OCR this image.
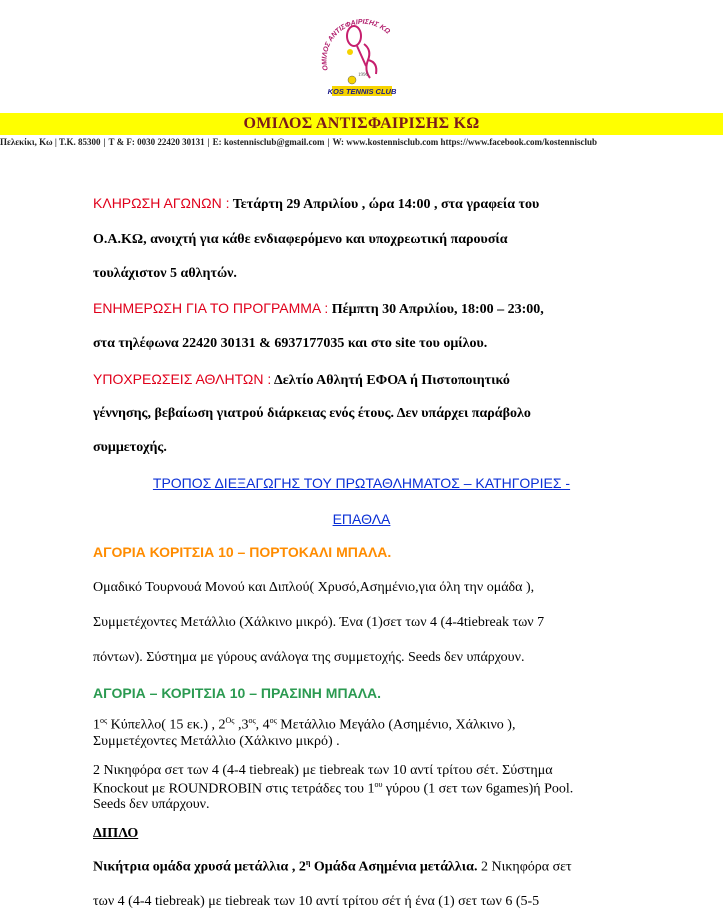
ΟΜΙΛΟΣ ΑΝΤΙΣΦΑΙΡΙΣΗΣ ΚΩ
1996
KOS TENNIS CLUB
ΟΜΙΛΟΣ ΑΝΤΙΣΦΑΙΡΙΣΗΣ ΚΩ
Πελεκίκι, Κω | Τ.Κ. 85300 | T & F: 0030 22420 30131 | E: kostennisclub@gmail.com | W: www.kostennisclub.com https://www.facebook.com/kostennisclub
ΚΛΗΡΩΣΗ ΑΓΩΝΩΝ : Τετάρτη 29 Απριλίου , ώρα 14:00 , στα γραφεία του
Ο.Α.ΚΩ, ανοιχτή για κάθε ενδιαφερόμενο και υποχρεωτική παρουσία
τουλάχιστον 5 αθλητών.
ΕΝΗΜΕΡΩΣΗ ΓΙΑ ΤΟ ΠΡΟΓΡΑΜΜΑ : Πέμπτη 30 Απριλίου, 18:00 – 23:00,
στα τηλέφωνα 22420 30131 & 6937177035 και στο site του ομίλου.
ΥΠΟΧΡΕΩΣΕΙΣ ΑΘΛΗΤΩΝ : Δελτίο Αθλητή ΕΦΟΑ ή Πιστοποιητικό
γέννησης, βεβαίωση γιατρού διάρκειας ενός έτους. Δεν υπάρχει παράβολο
συμμετοχής.
ΤΡΟΠΟΣ ΔΙΕΞΑΓΩΓΗΣ ΤΟΥ ΠΡΩΤΑΘΛΗΜΑΤΟΣ – ΚΑΤΗΓΟΡΙΕΣ -
ΕΠΑΘΛΑ
ΑΓΟΡΙΑ ΚΟΡΙΤΣΙΑ 10 – ΠΟΡΤΟΚΑΛΙ ΜΠΑΛΑ.
Ομαδικό Τουρνουά Μονού και Διπλού( Χρυσό,Ασημένιο,για όλη την ομάδα ),
Συμμετέχοντες Μετάλλιο (Χάλκινο μικρό). Ένα (1)σετ των 4 (4-4tiebreak των 7
πόντων). Σύστημα με γύρους ανάλογα της συμμετοχής. Seeds δεν υπάρχουν.
ΑΓΟΡΙΑ – ΚΟΡΙΤΣΙΑ 10 – ΠΡΑΣΙΝΗ ΜΠΑΛΑ.
$1^{o\varsigma}$ Κύπελλο( 15 εκ.) , $2^{O\varsigma}$ $,3^{o\varsigma}$, $4^{o\varsigma}$ Μετάλλιο Μεγάλο (Ασημένιο, Χάλκινο ),
Συμμετέχοντες Μετάλλιο (Χάλκινο μικρό) .
2 Νικηφόρα σετ των 4 (4-4 tiebreak) με tiebreak των 10 αντί τρίτου σέτ. Σύστημα
Knockout με ROUNDROBIN στις τετράδες του $1^{o\upsilon}$ γύρου (1 σετ των 6games)ή Pool.
Seeds δεν υπάρχουν.
ΔΙΠΛΟ
Νικήτρια ομάδα χρυσά μετάλλια , $2^\eta$ Ομάδα Ασημένια μετάλλια. 2 Νικηφόρα σετ
των 4 (4-4 tiebreak) με tiebreak των 10 αντί τρίτου σέτ ή ένα (1) σετ των 6 (5-5
